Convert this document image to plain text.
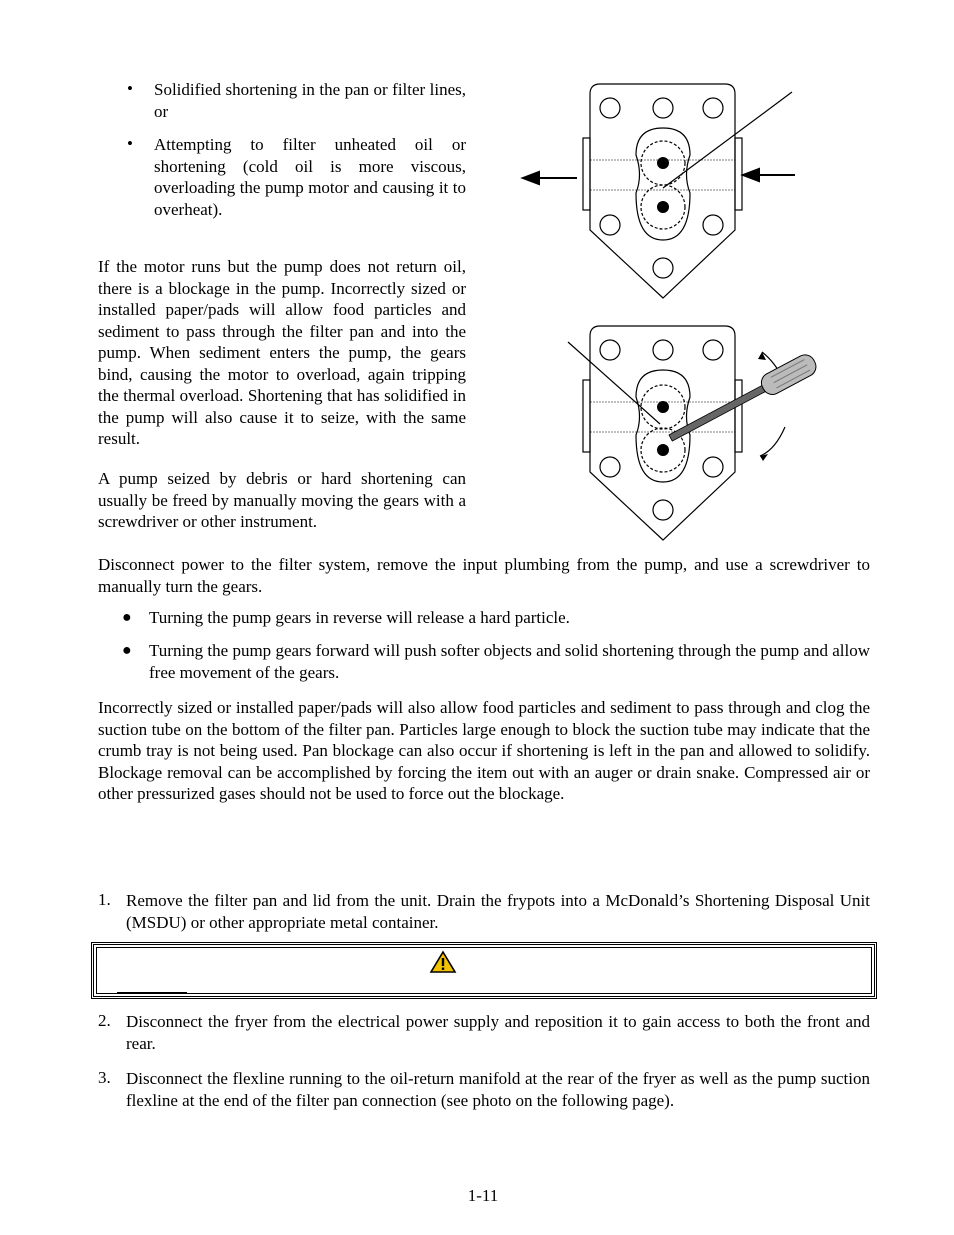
• Solidified shortening in the pan or filter lines, or
• Attempting to filter unheated oil or shortening (cold oil is more viscous, overloading the pump motor and causing it to overheat).
If the motor runs but the pump does not return oil, there is a blockage in the pump. Incorrectly sized or installed paper/pads will allow food particles and sediment to pass through the filter pan and into the pump. When sediment enters the pump, the gears bind, causing the motor to overload, again tripping the thermal overload. Shortening that has solidified in the pump will also cause it to seize, with the same result.
A pump seized by debris or hard shortening can usually be freed by manually moving the gears with a screwdriver or other instrument.
Disconnect power to the filter system, remove the input plumbing from the pump, and use a screwdriver to manually turn the gears.
● Turning the pump gears in reverse will release a hard particle.
● Turning the pump gears forward will push softer objects and solid shortening through the pump and allow free movement of the gears.
Incorrectly sized or installed paper/pads will also allow food particles and sediment to pass through and clog the suction tube on the bottom of the filter pan. Particles large enough to block the suction tube may indicate that the crumb tray is not being used. Pan blockage can also occur if shortening is left in the pan and allowed to solidify. Blockage removal can be accomplished by forcing the item out with an auger or drain snake. Compressed air or other pressurized gases should not be used to force out the blockage.
1. Remove the filter pan and lid from the unit. Drain the frypots into a McDonald’s Shortening Disposal Unit (MSDU) or other appropriate metal container.
2. Disconnect the fryer from the electrical power supply and reposition it to gain access to both the front and rear.
3. Disconnect the flexline running to the oil-return manifold at the rear of the fryer as well as the pump suction flexline at the end of the filter pan connection (see photo on the following page).
1-11
